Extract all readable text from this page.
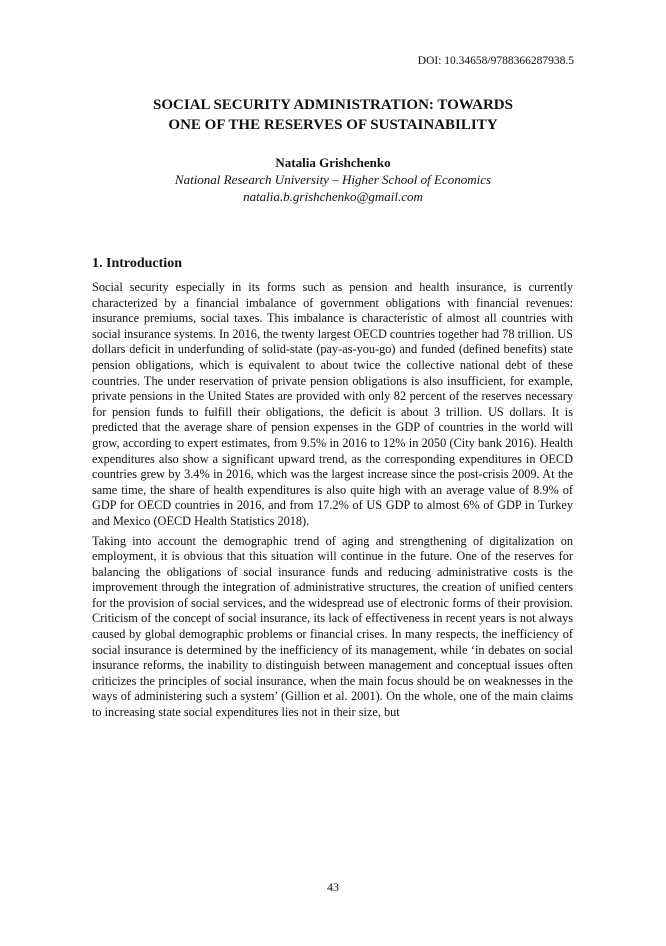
DOI: 10.34658/9788366287938.5
SOCIAL SECURITY ADMINISTRATION: TOWARDS
ONE OF THE RESERVES OF SUSTAINABILITY
Natalia Grishchenko
National Research University – Higher School of Economics
natalia.b.grishchenko@gmail.com
1. Introduction

Social security especially in its forms such as pension and health insurance, is currently characterized by a financial imbalance of government obligations with financial revenues: insurance premiums, social taxes. This imbalance is characteristic of almost all countries with social insurance systems. In 2016, the twenty largest OECD countries together had 78 trillion. US dollars deficit in underfunding of solid-state (pay-as-you-go) and funded (defined benefits) state pension obligations, which is equivalent to about twice the collective national debt of these countries. The under reservation of private pension obligations is also insufficient, for example, private pensions in the United States are provided with only 82 percent of the reserves necessary for pension funds to fulfill their obligations, the deficit is about 3 trillion. US dollars. It is predicted that the average share of pension expenses in the GDP of countries in the world will grow, according to expert estimates, from 9.5% in 2016 to 12% in 2050 (City bank 2016). Health expenditures also show a significant upward trend, as the corresponding expenditures in OECD countries grew by 3.4% in 2016, which was the largest increase since the post-crisis 2009. At the same time, the share of health expenditures is also quite high with an average value of 8.9% of GDP for OECD countries in 2016, and from 17.2% of US GDP to almost 6% of GDP in Turkey and Mexico (OECD Health Statistics 2018).

Taking into account the demographic trend of aging and strengthening of digitalization on employment, it is obvious that this situation will continue in the future. One of the reserves for balancing the obligations of social insurance funds and reducing administrative costs is the improvement through the integration of administrative structures, the creation of unified centers for the provision of social services, and the widespread use of electronic forms of their provision. Criticism of the concept of social insurance, its lack of effectiveness in recent years is not always caused by global demographic problems or financial crises. In many respects, the inefficiency of social insurance is determined by the inefficiency of its management, while ‘in debates on social insurance reforms, the inability to distinguish between management and conceptual issues often criticizes the principles of social insurance, when the main focus should be on weaknesses in the ways of administering such a system’ (Gillion et al. 2001). On the whole, one of the main claims to increasing state social expenditures lies not in their size, but

43
